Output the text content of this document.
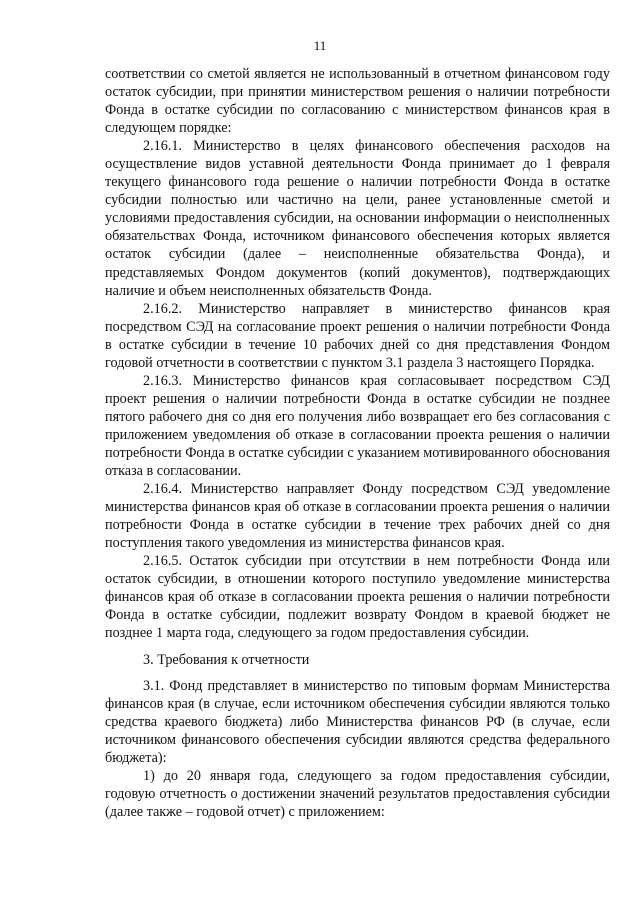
11

соответствии со сметой является не использованный в отчетном финансовом году остаток субсидии, при принятии министерством решения о наличии потребности Фонда в остатке субсидии по согласованию с министерством финансов края в следующем порядке:

2.16.1. Министерство в целях финансового обеспечения расходов на осуществление видов уставной деятельности Фонда принимает до 1 февраля текущего финансового года решение о наличии потребности Фонда в остатке субсидии полностью или частично на цели, ранее установленные сметой и условиями предоставления субсидии, на основании информации о неисполненных обязательствах Фонда, источником финансового обеспечения которых является остаток субсидии (далее – неисполненные обязательства Фонда), и представляемых Фондом документов (копий документов), подтверждающих наличие и объем неисполненных обязательств Фонда.

2.16.2. Министерство направляет в министерство финансов края посредством СЭД на согласование проект решения о наличии потребности Фонда в остатке субсидии в течение 10 рабочих дней со дня представления Фондом годовой отчетности в соответствии с пунктом 3.1 раздела 3 настоящего Порядка.

2.16.3. Министерство финансов края согласовывает посредством СЭД проект решения о наличии потребности Фонда в остатке субсидии не позднее пятого рабочего дня со дня его получения либо возвращает его без согласования с приложением уведомления об отказе в согласовании проекта решения о наличии потребности Фонда в остатке субсидии с указанием мотивированного обоснования отказа в согласовании.

2.16.4. Министерство направляет Фонду посредством СЭД уведомление министерства финансов края об отказе в согласовании проекта решения о наличии потребности Фонда в остатке субсидии в течение трех рабочих дней со дня поступления такого уведомления из министерства финансов края.

2.16.5. Остаток субсидии при отсутствии в нем потребности Фонда или остаток субсидии, в отношении которого поступило уведомление министерства финансов края об отказе в согласовании проекта решения о наличии потребности Фонда в остатке субсидии, подлежит возврату Фондом в краевой бюджет не позднее 1 марта года, следующего за годом предоставления субсидии.

3. Требования к отчетности

3.1. Фонд представляет в министерство по типовым формам Министерства финансов края (в случае, если источником обеспечения субсидии являются только средства краевого бюджета) либо Министерства финансов РФ (в случае, если источником финансового обеспечения субсидии являются средства федерального бюджета):

1) до 20 января года, следующего за годом предоставления субсидии, годовую отчетность о достижении значений результатов предоставления субсидии (далее также – годовой отчет) с приложением:
